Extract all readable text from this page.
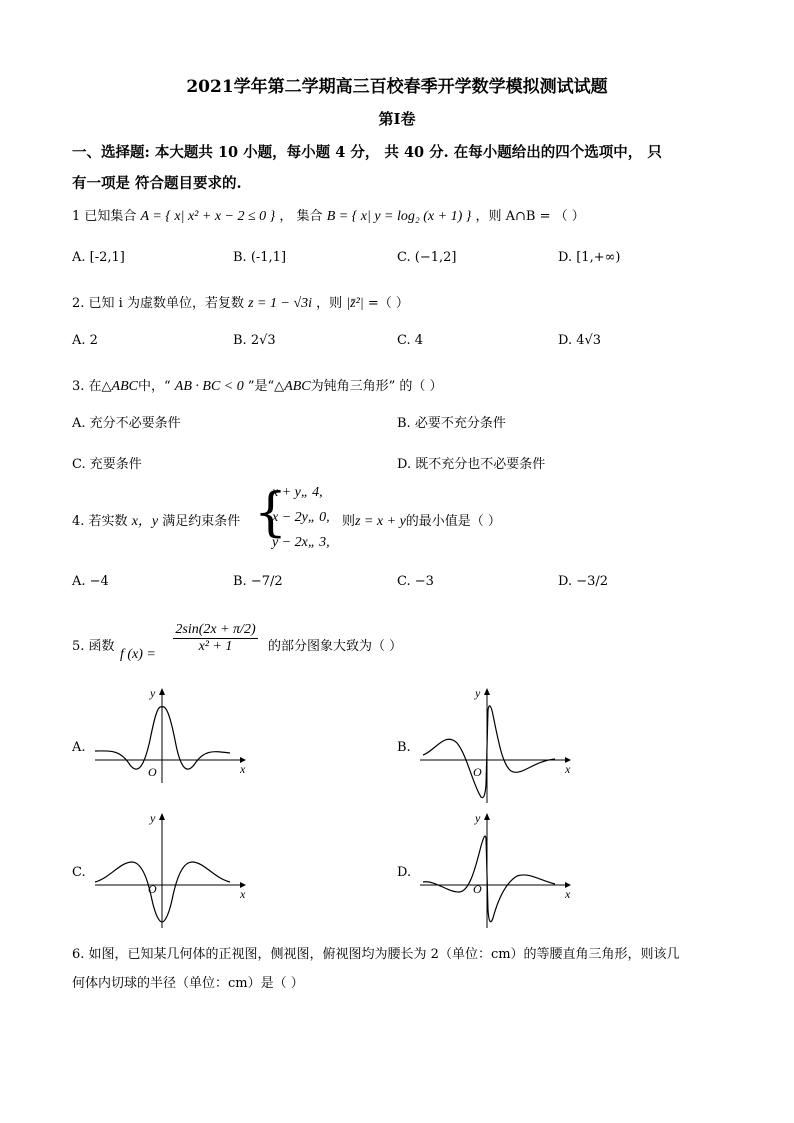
2021学年第二学期高三百校春季开学数学模拟测试试题
第Ⅰ卷
一、选择题: 本大题共 10 小题，每小题 4 分， 共 40 分. 在每小题给出的四个选项中， 只
有一项是 符合题目要求的.
1 已知集合 A = { x| x² + x − 2 ≤ 0 } ， 集合 B = { x| y = log₂ (x + 1) } ，则 A∩B = （ ）
A. [-2,1]	B. (-1,1]	C. (−1,2]	D. [1,+∞)
2. 已知 i 为虚数单位，若复数 z = 1 − √3i ，则 |z̄²| =（ ）
A. 2	B. 2√3	C. 4	D. 4√3
3. 在△ABC中，“ AB · BC < 0 ”是“△ABC为钝角三角形” 的（ ）
A. 充分不必要条件	B. 必要不充分条件
C. 充要条件	D. 既不充分也不必要条件
4. 若实数 x，y 满足约束条件 {
x + y„ 4,
x − 2y„ 0,
y − 2x„ 3,
则z = x + y的最小值是（ ）
A. −4	B. −7/2	C. −3	D. −3/2
5. 函数
f $(x) = \frac{2\sin(2x + \pi/2)}{\text{x² + 1}}$ 的部分图象大致为（ ）
A.	B.
C.	D.
y
x
O
y
x
O
y
x
O
y
x
O
6. 如图，已知某几何体的正视图，侧视图，俯视图均为腰长为 2（单位：cm）的等腰直角三角形，则该几
何体内切球的半径（单位：cm）是（ ）
